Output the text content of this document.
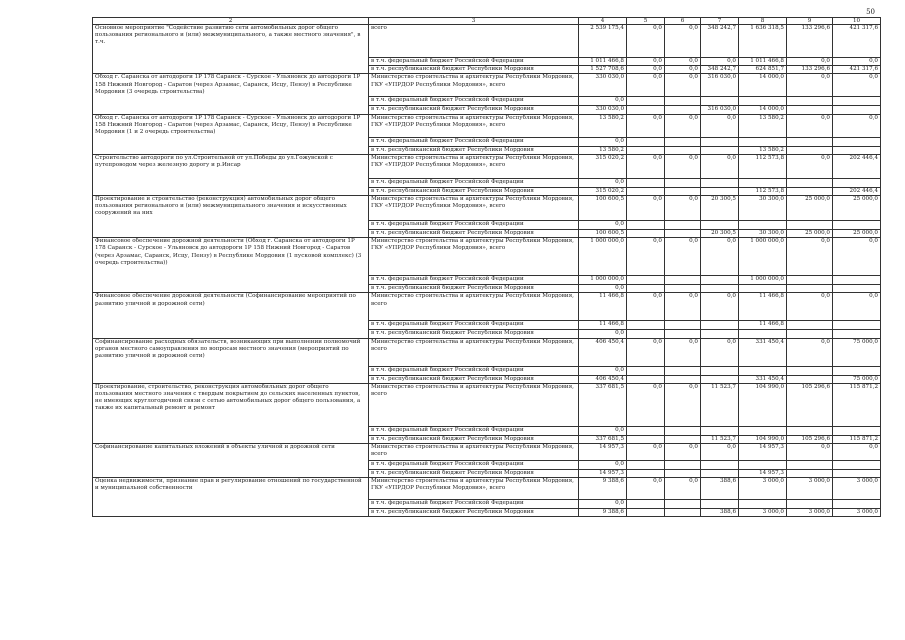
50
	2	3	4	5	6	7	8	9	10
	Основное мероприятие "Содействие развитию сети автомобильных дорог общего пользования регионального и (или) межмуниципального, а также местного значения", в т.ч.	всего	2 539 175,4	0,0	0,0	348 242,7	1 636 318,5	133 296,6	421 317,6
	в т.ч. федеральный бюджет Российской Федерации	1 011 466,8	0,0	0,0	0,0	1 011 466,8	0,0	0,0
	в т.ч. республиканский бюджет Республики Мордовия	1 527 708,6	0,0	0,0	348 242,7	624 851,7	133 296,6	421 317,6
	Обход г. Саранска от автодороги 1Р 178 Саранск - Сурское - Ульяновск до автодороги 1Р 158 Нижний Новгород - Саратов (через Арзамас, Саранск, Исцу, Пензу) в Республике Мордовия (3 очередь строительства)	Министерство строительства и архитектуры Республики Мордовия, ГКУ «УПРДОР Республики Мордовия», всего	330 030,0	0,0	0,0	316 030,0	14 000,0	0,0	0,0
	в т.ч. федеральный бюджет Российской Федерации	0,0						
	в т.ч. республиканский бюджет Республики Мордовия	330 030,0			316 030,0	14 000,0		
	Обход г. Саранска от автодороги 1Р 178 Саранск - Сурское - Ульяновск до автодороги 1Р 158 Нижний Новгород - Саратов (через Арзамас, Саранск, Исцу, Пензу) в Республике Мордовия (1 и 2 очередь строительства)	Министерство строительства и архитектуры Республики Мордовия, ГКУ «УПРДОР Республики Мордовия», всего	13 580,2	0,0	0,0	0,0	13 580,2	0,0	0,0
	в т.ч. федеральный бюджет Российской Федерации	0,0						
	в т.ч. республиканский бюджет Республики Мордовия	13 580,2				13 580,2		
	Строительство автодороги по ул.Строительной от ул.Победы до ул.Гожувской с путепроводом через железную дорогу и р.Инсар	Министерство строительства и архитектуры Республики Мордовия, ГКУ «УПРДОР Республики Мордовия», всего	315 020,2	0,0	0,0	0,0	112 573,8	0,0	202 446,4
	в т.ч. федеральный бюджет Российской Федерации	0,0						
	в т.ч. республиканский бюджет Республики Мордовия	315 020,2				112 573,8		202 446,4
	Проектирование и строительство (реконструкция) автомобильных дорог общего пользования регионального и (или) межмуниципального значения и искусственных сооружений на них	Министерство строительства и архитектуры Республики Мордовия, ГКУ «УПРДОР Республики Мордовия», всего	100 600,5	0,0	0,0	20 300,5	30 300,0	25 000,0	25 000,0
	в т.ч. федеральный бюджет Российской Федерации	0,0						
	в т.ч. республиканский бюджет Республики Мордовия	100 600,5			20 300,5	30 300,0	25 000,0	25 000,0
	Финансовое обеспечение дорожной деятельности (Обход г. Саранска от автодороги 1Р 178 Саранск - Сурское - Ульяновск до автодороги 1Р 158 Нижний Новгород - Саратов (через Арзамас, Саранск, Исцу, Пензу) в Республике Мордовия (1 пусковой комплекс) (3 очередь строительства))	Министерство строительства и архитектуры Республики Мордовия, ГКУ «УПРДОР Республики Мордовия», всего	1 000 000,0	0,0	0,0	0,0	1 000 000,0	0,0	0,0
	в т.ч. федеральный бюджет Российской Федерации	1 000 000,0				1 000 000,0		
	в т.ч. республиканский бюджет Республики Мордовия	0,0						
	Финансовое обеспечение дорожной деятельности (Софинансирование мероприятий по развитию уличной и дорожной сети)	Министерство строительства и архитектуры Республики Мордовия, всего	11 466,8	0,0	0,0	0,0	11 466,8	0,0	0,0
	в т.ч. федеральный бюджет Российской Федерации	11 466,8				11 466,8		
	в т.ч. республиканский бюджет Республики Мордовия	0,0						
	Софинансирование расходных обязательств, возникающих при выполнении полномочий органов местного самоуправления по вопросам местного значения (мероприятий по развитию уличной и дорожной сети)	Министерство строительства и архитектуры Республики Мордовия, всего	406 450,4	0,0	0,0	0,0	331 450,4	0,0	75 000,0
	в т.ч. федеральный бюджет Российской Федерации	0,0						
	в т.ч. республиканский бюджет Республики Мордовия	406 450,4				331 450,4		75 000,0
	Проектирование, строительство, реконструкция автомобильных дорог общего пользования местного значения с твердым покрытием до сельских населенных пунктов, не имеющих круглогодичной связи с сетью автомобильных дорог общего пользования, а также их капитальный ремонт и ремонт	Министерство строительства и архитектуры Республики Мордовия, всего	337 681,5	0,0	0,0	11 523,7	104 990,0	105 296,6	115 871,2
	в т.ч. федеральный бюджет Российской Федерации	0,0						
	в т.ч. республиканский бюджет Республики Мордовия	337 681,5			11 523,7	104 990,0	105 296,6	115 871,2
	Софинансирование капитальных вложений в объекты уличной и дорожной сети	Министерство строительства и архитектуры Республики Мордовия, всего	14 957,3	0,0	0,0	0,0	14 957,3	0,0	0,0
	в т.ч. федеральный бюджет Российской Федерации	0,0						
	в т.ч. республиканский бюджет Республики Мордовия	14 957,3				14 957,3		
	Оценка недвижимости, признание прав и регулирование отношений по государственной и муниципальной собственности	Министерство строительства и архитектуры Республики Мордовия, ГКУ «УПРДОР Республики Мордовия», всего	9 388,6	0,0	0,0	388,6	3 000,0	3 000,0	3 000,0
	в т.ч. федеральный бюджет Российской Федерации	0,0						
	в т.ч. республиканский бюджет Республики Мордовия	9 388,6			388,6	3 000,0	3 000,0	3 000,0
